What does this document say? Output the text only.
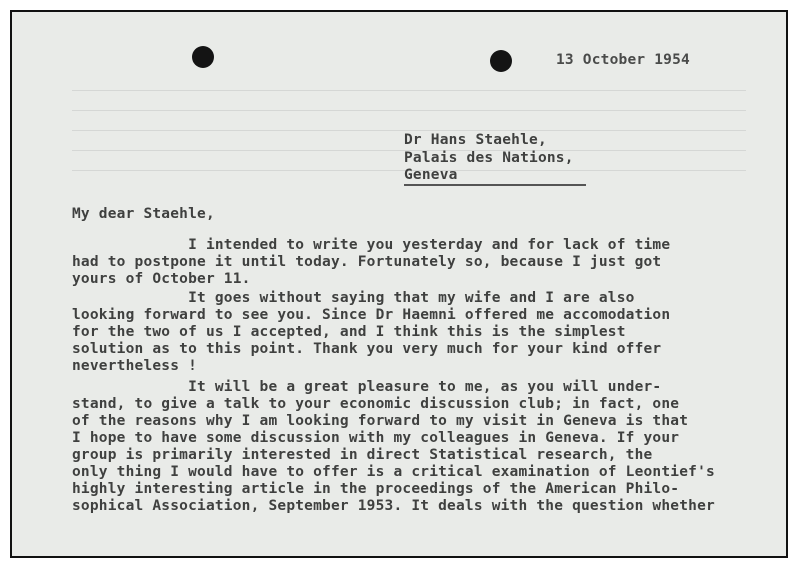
13 October 1954
Dr Hans Staehle,
Palais des Nations,
Geneva
My dear Staehle,
I intended to write you yesterday and for lack of time
had to postpone it until today. Fortunately so, because I just got
yours of October 11.
It goes without saying that my wife and I are also
looking forward to see you. Since Dr Haemni offered me accomodation
for the two of us I accepted, and I think this is the simplest
solution as to this point. Thank you very much for your kind offer
nevertheless !
It will be a great pleasure to me, as you will under-
stand, to give a talk to your economic discussion club; in fact, one
of the reasons why I am looking forward to my visit in Geneva is that
I hope to have some discussion with my colleagues in Geneva. If your
group is primarily interested in direct Statistical research, the
only thing I would have to offer is a critical examination of Leontief's
highly interesting article in the proceedings of the American Philo-
sophical Association, September 1953. It deals with the question whether
